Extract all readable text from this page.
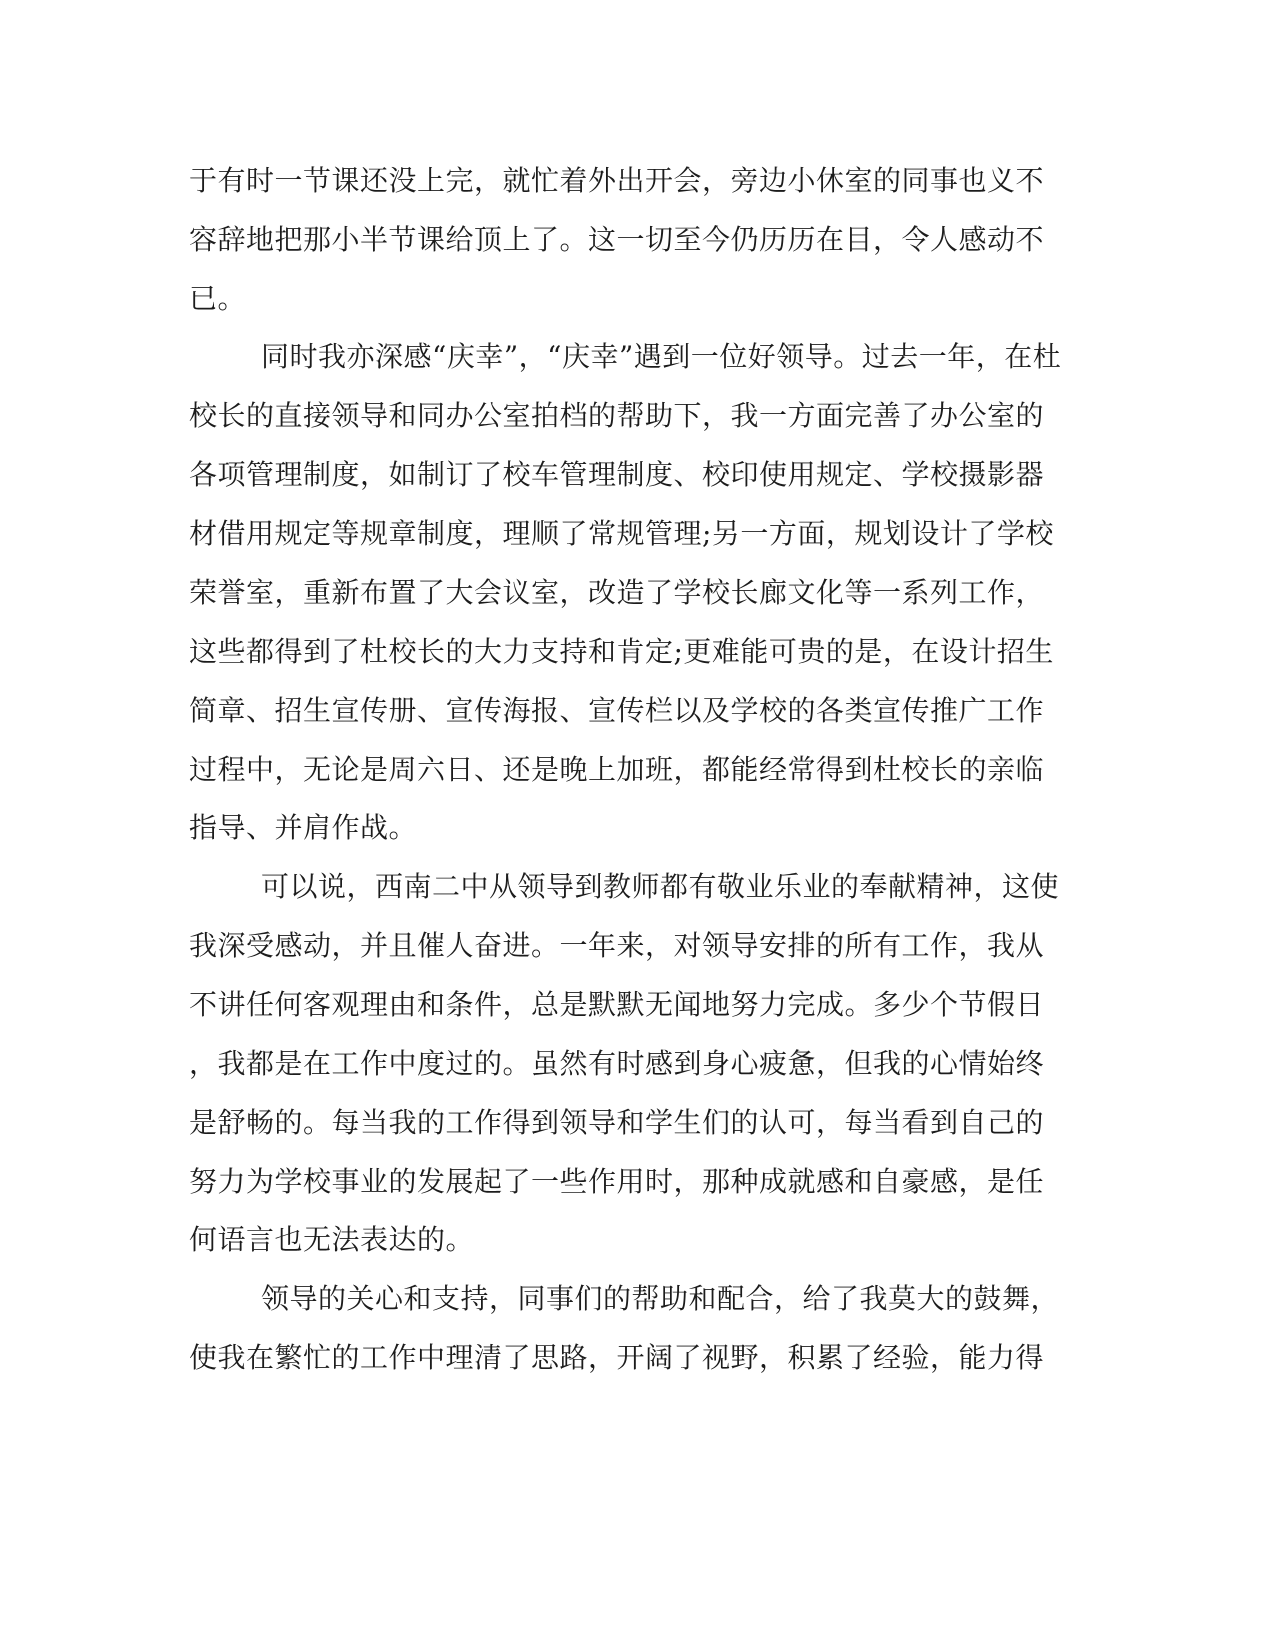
于有时一节课还没上完，就忙着外出开会，旁边小休室的同事也义不

容辞地把那小半节课给顶上了。这一切至今仍历历在目，令人感动不

已。

同时我亦深感“庆幸”，“庆幸”遇到一位好领导。过去一年，在杜

校长的直接领导和同办公室拍档的帮助下，我一方面完善了办公室的

各项管理制度，如制订了校车管理制度、校印使用规定、学校摄影器

材借用规定等规章制度，理顺了常规管理;另一方面，规划设计了学校

荣誉室，重新布置了大会议室，改造了学校长廊文化等一系列工作，

这些都得到了杜校长的大力支持和肯定;更难能可贵的是，在设计招生

简章、招生宣传册、宣传海报、宣传栏以及学校的各类宣传推广工作

过程中，无论是周六日、还是晚上加班，都能经常得到杜校长的亲临

指导、并肩作战。

可以说，西南二中从领导到教师都有敬业乐业的奉献精神，这使

我深受感动，并且催人奋进。一年来，对领导安排的所有工作，我从

不讲任何客观理由和条件，总是默默无闻地努力完成。多少个节假日

，我都是在工作中度过的。虽然有时感到身心疲惫，但我的心情始终

是舒畅的。每当我的工作得到领导和学生们的认可，每当看到自己的

努力为学校事业的发展起了一些作用时，那种成就感和自豪感，是任

何语言也无法表达的。

领导的关心和支持，同事们的帮助和配合，给了我莫大的鼓舞，

使我在繁忙的工作中理清了思路，开阔了视野，积累了经验，能力得
